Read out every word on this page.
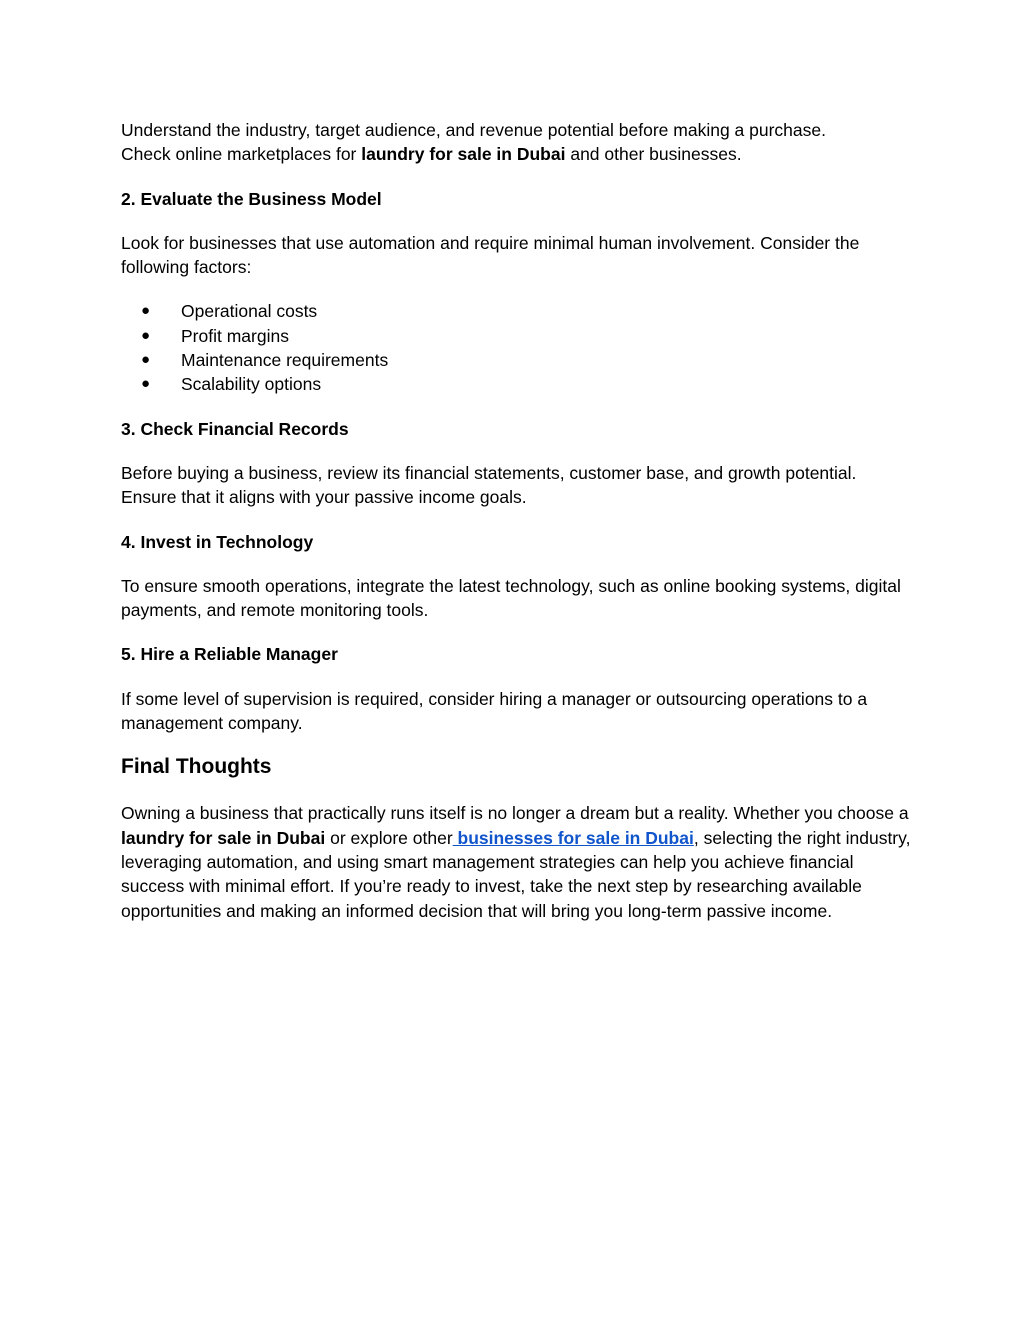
Understand the industry, target audience, and revenue potential before making a purchase.
Check online marketplaces for laundry for sale in Dubai and other businesses.

2. Evaluate the Business Model

Look for businesses that use automation and require minimal human involvement. Consider the following factors:

● Operational costs
● Profit margins
● Maintenance requirements
● Scalability options
3. Check Financial Records

Before buying a business, review its financial statements, customer base, and growth potential. Ensure that it aligns with your passive income goals.

4. Invest in Technology

To ensure smooth operations, integrate the latest technology, such as online booking systems, digital payments, and remote monitoring tools.

5. Hire a Reliable Manager

If some level of supervision is required, consider hiring a manager or outsourcing operations to a management company.

Final Thoughts

Owning a business that practically runs itself is no longer a dream but a reality. Whether you choose a laundry for sale in Dubai or explore other businesses for sale in Dubai, selecting the right industry, leveraging automation, and using smart management strategies can help you achieve financial success with minimal effort. If you’re ready to invest, take the next step by researching available opportunities and making an informed decision that will bring you long-term passive income.
